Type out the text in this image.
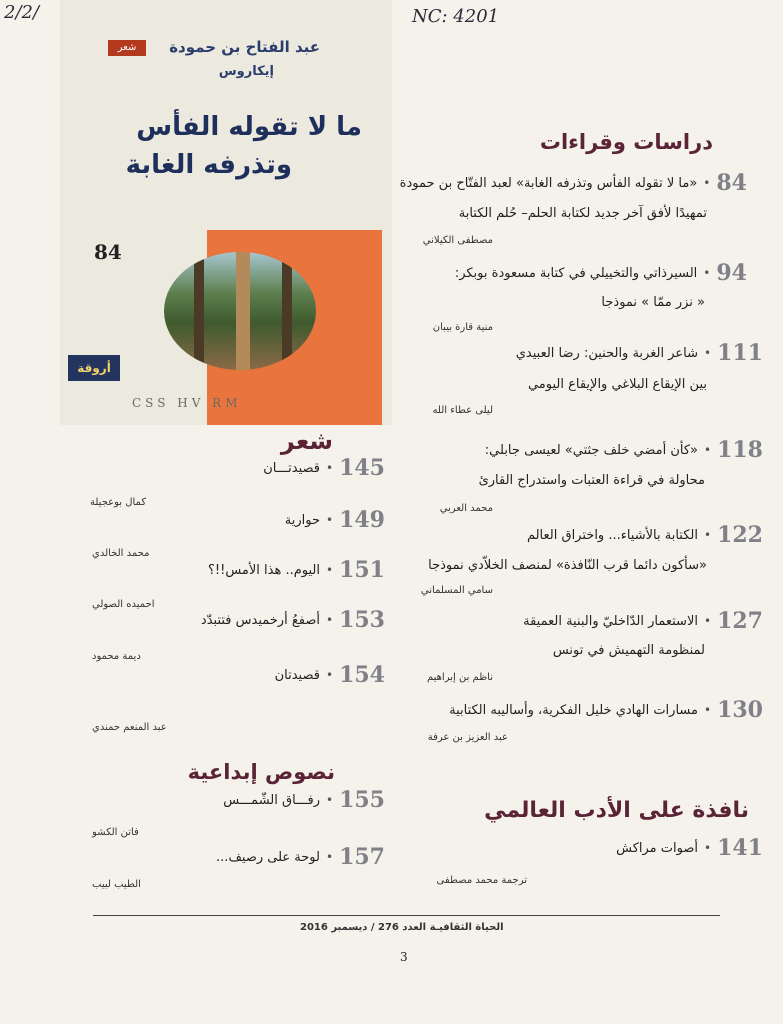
2/2/	NC: 4201
شعر	عبد الفتاح بن حمودة
إيكاروس
ما لا تقوله الفأس
وتذرفه الغابة
84
أروقة
CSS HV RM
دراسات وقراءات
84
•
«ما لا تقوله الفأس وتذرفه الغابة» لعبد الفتّاح بن حمودة
تمهيدًا لأفق آخر جديد لكتابة الحلم– حُلم الكتابة
مصطفى الكيلاني
94
•
السيرذاتي والتخييلي في كتابة مسعودة بوبكر:
« نزر ممّا » نموذجا
منية قارة بيبان
111
•
شاعر الغربة والحنين: رضا العبيدي
بين الإيقاع البلاغي والإيقاع اليومي
ليلى عطاء الله
118
•
«كأن أمضي خلف جثتي» لعيسى جابلي:
محاولة في قراءة العتبات واستدراج القارئ
محمد العربي
122
•
الكتابة بالأشياء... واختراق العالم
«سأكون دائما قرب النّافذة» لمنصف الخلاّدي نموذجا
سامي المسلماني
127
•
الاستعمار الدّاخليّ والبنية العميقة
لمنظومة التهميش في تونس
ناظم بن إبراهيم
130
•
مسارات الهادي خليل الفكرية، وأساليبه الكتابية
عبد العزيز بن عرفة
نافذة على الأدب العالمي
141
•
أصوات مراكش
ترجمة محمد مصطفى
شعر
145
•
قصيدتـــان
كمال بوعجيلة
149
•
حوارية
محمد الخالدي
151
•
اليوم.. هذا الأمس!!؟
احميده الصولي
153
•
أصفعُ أرخميدس فتتبدّد
ديمة محمود
154
•
قصيدتان
عبد المنعم حمندي
نصوص إبداعية
155
•
رفـــاق الشّمـــس
فاتن الكشو
157
•
لوحة على رصيف...
الطيب لبيب
الحياة الثقافيـة العدد 276 / ديسمبر 2016
3
